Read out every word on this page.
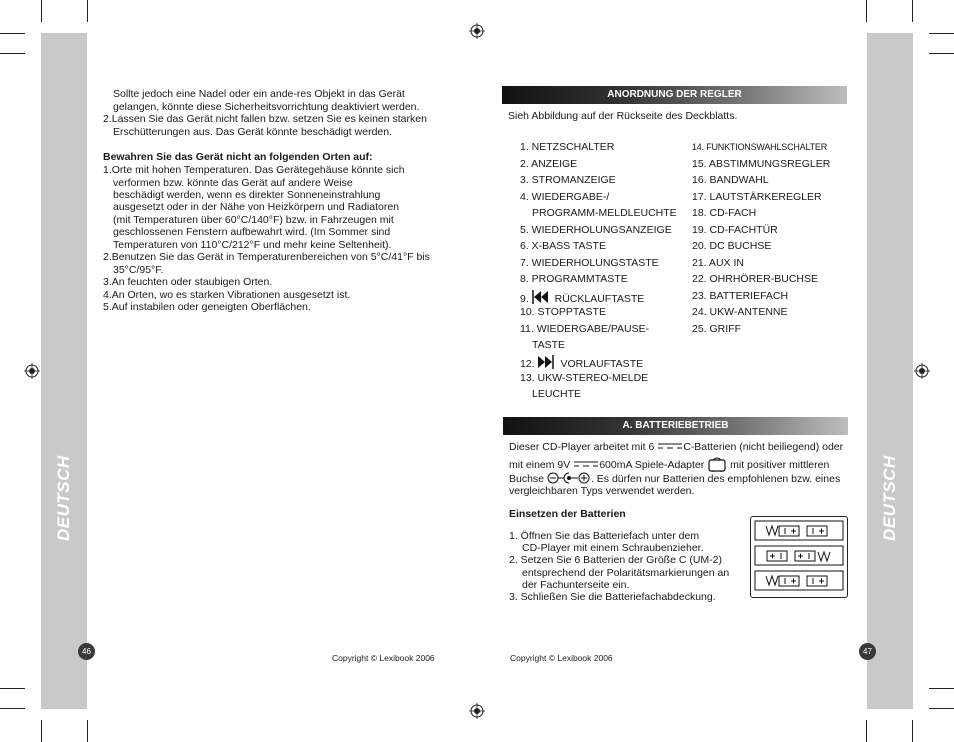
DEUTSCH	DEUTSCH
46	47
Sollte jedoch eine Nadel oder ein ande-res Objekt in das Gerät
gelangen, könnte diese Sicherheitsvorrichtung deaktiviert werden.
2.Lassen Sie das Gerät nicht fallen bzw. setzen Sie es keinen starken
Erschütterungen aus. Das Gerät könnte beschädigt werden.
Bewahren Sie das Gerät nicht an folgenden Orten auf:
1.Orte mit hohen Temperaturen. Das Gerätegehäuse könnte sich
verformen bzw. könnte das Gerät auf andere Weise
beschädigt werden, wenn es direkter Sonneneinstrahlung
ausgesetzt oder in der Nähe von Heizkörpern und Radiatoren
(mit Temperaturen über 60°C/140°F) bzw. in Fahrzeugen mit
geschlossenen Fenstern aufbewahrt wird. (Im Sommer sind
Temperaturen von 110°C/212°F und mehr keine Seltenheit).
2.Benutzen Sie das Gerät in Temperaturenbereichen von 5°C/41°F bis
35°C/95°F.
3.An feuchten oder staubigen Orten.
4.An Orten, wo es starken Vibrationen ausgesetzt ist.
5.Auf instabilen oder geneigten Oberflächen.
Copyright © Lexibook 2006
ANORDNUNG DER REGLER
Sieh Abbildung auf der Rückseite des Deckblatts.
1. NETZSCHALTER
2. ANZEIGE
3. STROMANZEIGE
4. WIEDERGABE-/
PROGRAMM-MELDLEUCHTE
5. WIEDERHOLUNGSANZEIGE
6. X-BASS TASTE
7. WIEDERHOLUNGSTASTE
8. PROGRAMMTASTE
9. RÜCKLAUFTASTE
10. STOPPTASTE
11. WIEDERGABE/PAUSE-
TASTE
12. VORLAUFTASTE
13. UKW-STEREO-MELDE
LEUCHTE
14. FUNKTIONSWAHLSCHALTER
15. ABSTIMMUNGSREGLER
16. BANDWAHL
17. LAUTSTÄRKEREGLER
18. CD-FACH
19. CD-FACHTÜR
20. DC BUCHSE
21. AUX IN
22. OHRHÖRER-BUCHSE
23. BATTERIEFACH
24. UKW-ANTENNE
25. GRIFF
A. BATTERIEBETRIEB
Dieser CD-Player arbeitet mit 6	C-Batterien (nicht beiliegend) oder
mit einem 9V	600mA Spiele-Adapter mit positiver mittleren
Buchse	. Es dürfen nur Batterien des empfohlenen bzw. eines
vergleichbaren Typs verwendet werden.
Einsetzen der Batterien
1. Öffnen Sie das Batteriefach unter dem
CD-Player mit einem Schraubenzieher.
2. Setzen Sie 6 Batterien der Größe C (UM-2)
entsprechend der Polaritätsmarkierungen an
der Fachunterseite ein.
3. Schließen Sie die Batteriefachabdeckung.
Copyright © Lexibook 2006
